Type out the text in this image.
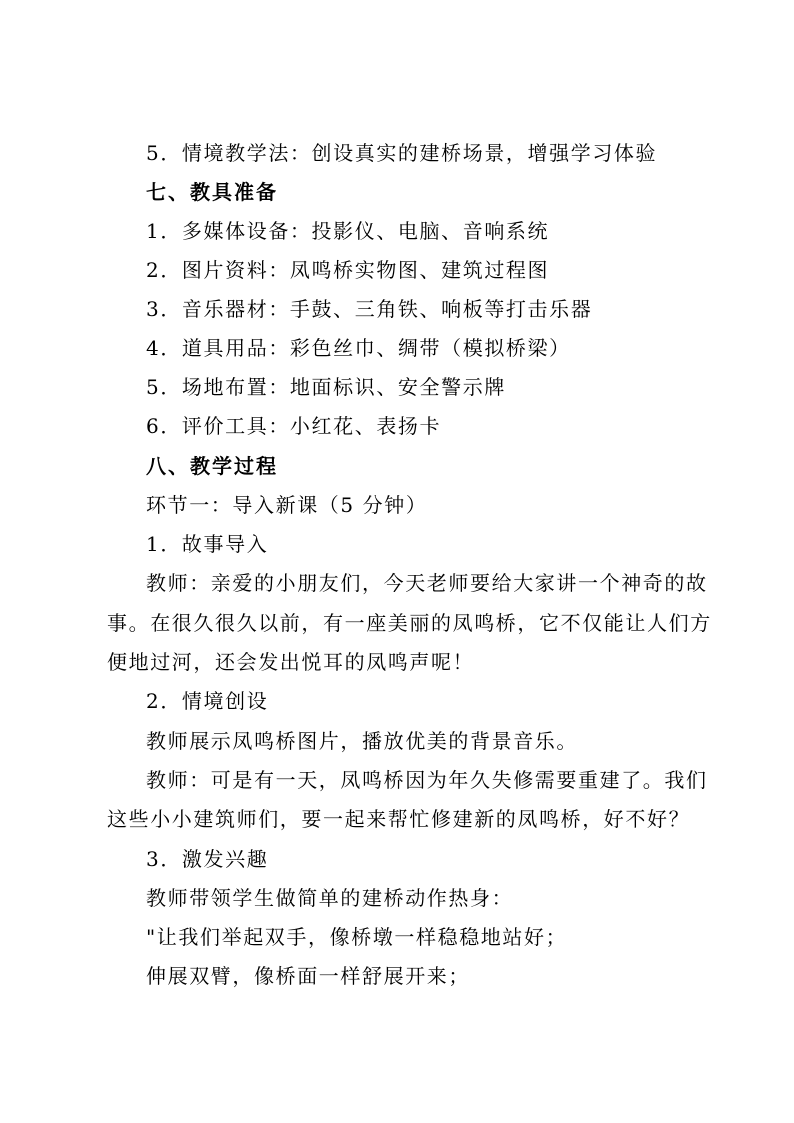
5．情境教学法：创设真实的建桥场景，增强学习体验
七、教具准备
1．多媒体设备：投影仪、电脑、音响系统
2．图片资料：凤鸣桥实物图、建筑过程图
3．音乐器材：手鼓、三角铁、响板等打击乐器
4．道具用品：彩色丝巾、绸带（模拟桥梁）
5．场地布置：地面标识、安全警示牌
6．评价工具：小红花、表扬卡
八、教学过程
环节一：导入新课（5 分钟）
1．故事导入
教师：亲爱的小朋友们，今天老师要给大家讲一个神奇的故
事。在很久很久以前，有一座美丽的凤鸣桥，它不仅能让人们方
便地过河，还会发出悦耳的凤鸣声呢！
2．情境创设
教师展示凤鸣桥图片，播放优美的背景音乐。
教师：可是有一天，凤鸣桥因为年久失修需要重建了。我们
这些小小建筑师们，要一起来帮忙修建新的凤鸣桥，好不好？
3．激发兴趣
教师带领学生做简单的建桥动作热身：
"让我们举起双手，像桥墩一样稳稳地站好；
伸展双臂，像桥面一样舒展开来；
